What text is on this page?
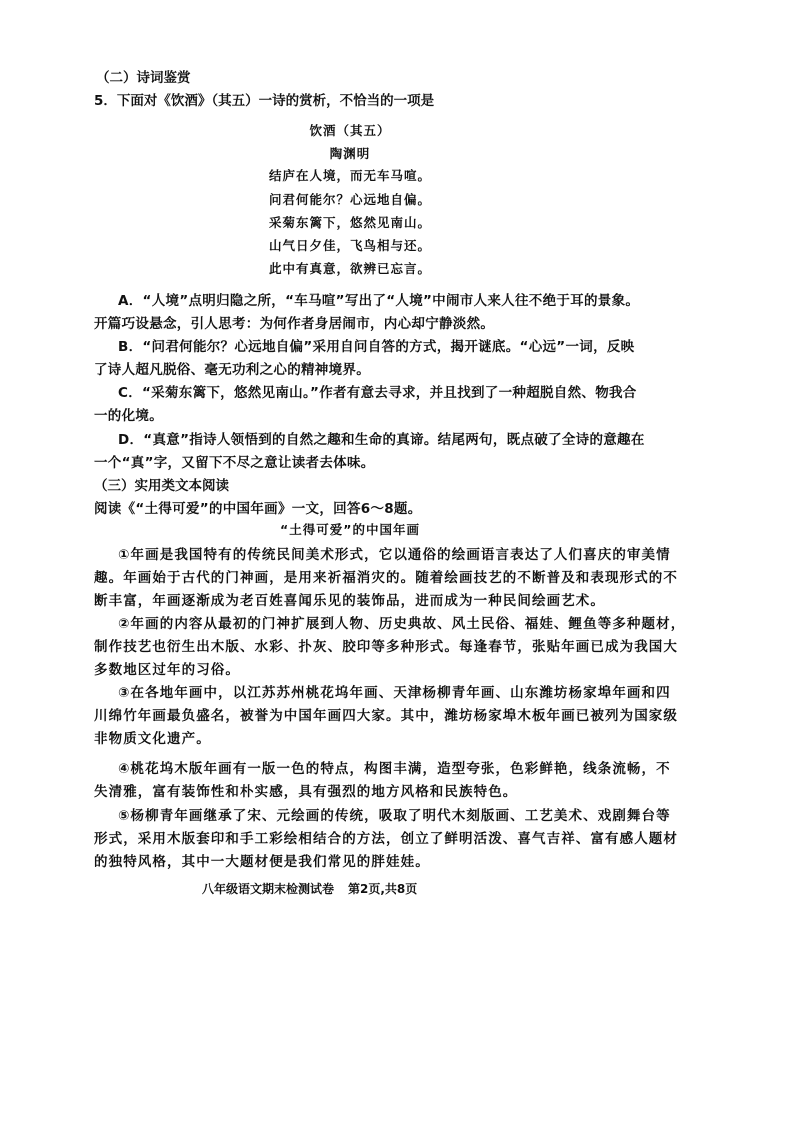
（二）诗词鉴赏
5．下面对《饮酒》（其五）一诗的赏析，不恰当的一项是
饮酒（其五）
陶渊明
结庐在人境，而无车马喧。
问君何能尔？心远地自偏。
采菊东篱下，悠然见南山。
山气日夕佳，飞鸟相与还。
此中有真意，欲辨已忘言。
A．“人境”点明归隐之所，“车马喧”写出了“人境”中闹市人来人往不绝于耳的景象。
开篇巧设悬念，引人思考：为何作者身居闹市，内心却宁静淡然。
B．“问君何能尔？心远地自偏”采用自问自答的方式，揭开谜底。“心远”一词，反映
了诗人超凡脱俗、毫无功利之心的精神境界。
C．“采菊东篱下，悠然见南山。”作者有意去寻求，并且找到了一种超脱自然、物我合
一的化境。
D．“真意”指诗人领悟到的自然之趣和生命的真谛。结尾两句，既点破了全诗的意趣在
一个“真”字，又留下不尽之意让读者去体味。
（三）实用类文本阅读
阅读《“土得可爱”的中国年画》一文，回答6～8题。
“土得可爱”的中国年画
①年画是我国特有的传统民间美术形式，它以通俗的绘画语言表达了人们喜庆的审美情
趣。年画始于古代的门神画，是用来祈福消灾的。随着绘画技艺的不断普及和表现形式的不
断丰富，年画逐渐成为老百姓喜闻乐见的装饰品，进而成为一种民间绘画艺术。
②年画的内容从最初的门神扩展到人物、历史典故、风土民俗、福娃、鲤鱼等多种题材，
制作技艺也衍生出木版、水彩、扑灰、胶印等多种形式。每逢春节，张贴年画已成为我国大
多数地区过年的习俗。
③在各地年画中，以江苏苏州桃花坞年画、天津杨柳青年画、山东潍坊杨家埠年画和四
川绵竹年画最负盛名，被誉为中国年画四大家。其中，潍坊杨家埠木板年画已被列为国家级
非物质文化遗产。
④桃花坞木版年画有一版一色的特点，构图丰满，造型夸张，色彩鲜艳，线条流畅，不
失清雅，富有装饰性和朴实感，具有强烈的地方风格和民族特色。
⑤杨柳青年画继承了宋、元绘画的传统，吸取了明代木刻版画、工艺美术、戏剧舞台等
形式，采用木版套印和手工彩绘相结合的方法，创立了鲜明活泼、喜气吉祥、富有感人题材
的独特风格，其中一大题材便是我们常见的胖娃娃。
八年级语文期末检测试卷 第2页,共8页
